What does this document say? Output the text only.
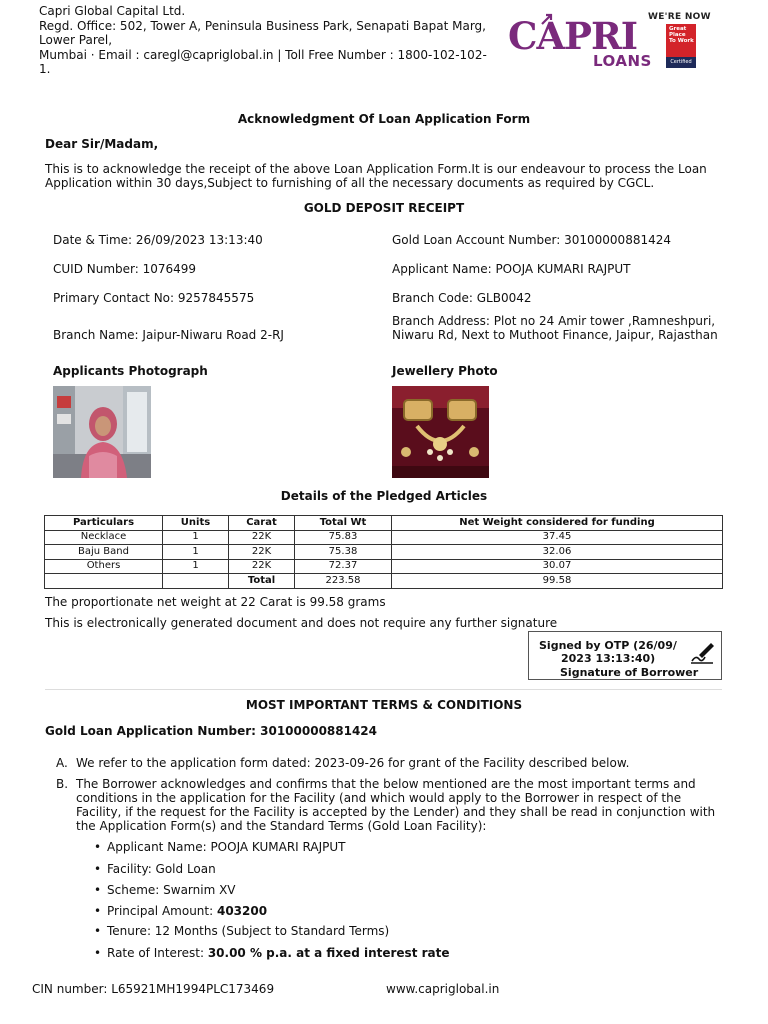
Capri Global Capital Ltd.
Regd. Office: 502, Tower A, Peninsula Business Park, Senapati Bapat Marg, Lower Parel,
Mumbai · Email : caregl@capriglobal.in | Toll Free Number : 1800-102-102-1.
CAPRI
LOANS
WE'RE NOW
Great Place To Work
Certified
Acknowledgment Of Loan Application Form
Dear Sir/Madam,
This is to acknowledge the receipt of the above Loan Application Form.It is our endeavour to process the Loan Application within 30 days,Subject to furnishing of all the necessary documents as required by CGCL.
GOLD DEPOSIT RECEIPT
Date & Time: 26/09/2023 13:13:40	Gold Loan Account Number: 30100000881424
CUID Number: 1076499	Applicant Name: POOJA KUMARI RAJPUT
Primary Contact No: 9257845575	Branch Code: GLB0042
Branch Name: Jaipur-Niwaru Road 2-RJ
Branch Address: Plot no 24 Amir tower ,Ramneshpuri, Niwaru Rd, Next to Muthoot Finance, Jaipur, Rajasthan
Applicants Photograph	Jewellery Photo
Details of the Pledged Articles
Particulars	Units	Carat	Total Wt	Net Weight considered for funding
Necklace	1	22K	75.83	37.45
Baju Band	1	22K	75.38	32.06
Others	1	22K	72.37	30.07
		Total	223.58	99.58
The proportionate net weight at 22 Carat is 99.58 grams
This is electronically generated document and does not require any further signature
Signed by OTP (26/09/
2023 13:13:40)
Signature of Borrower
MOST IMPORTANT TERMS & CONDITIONS
Gold Loan Application Number: 30100000881424
A. We refer to the application form dated: 2023-09-26 for grant of the Facility described below.
B. The Borrower acknowledges and confirms that the below mentioned are the most important terms and conditions in the application for the Facility (and which would apply to the Borrower in respect of the Facility, if the request for the Facility is accepted by the Lender) and they shall be read in conjunction with the Application Form(s) and the Standard Terms (Gold Loan Facility):
• Applicant Name: POOJA KUMARI RAJPUT
• Facility: Gold Loan
• Scheme: Swarnim XV
• Principal Amount: 403200
• Tenure: 12 Months (Subject to Standard Terms)
• Rate of Interest: 30.00 % p.a. at a fixed interest rate
CIN number: L65921MH1994PLC173469	www.capriglobal.in
